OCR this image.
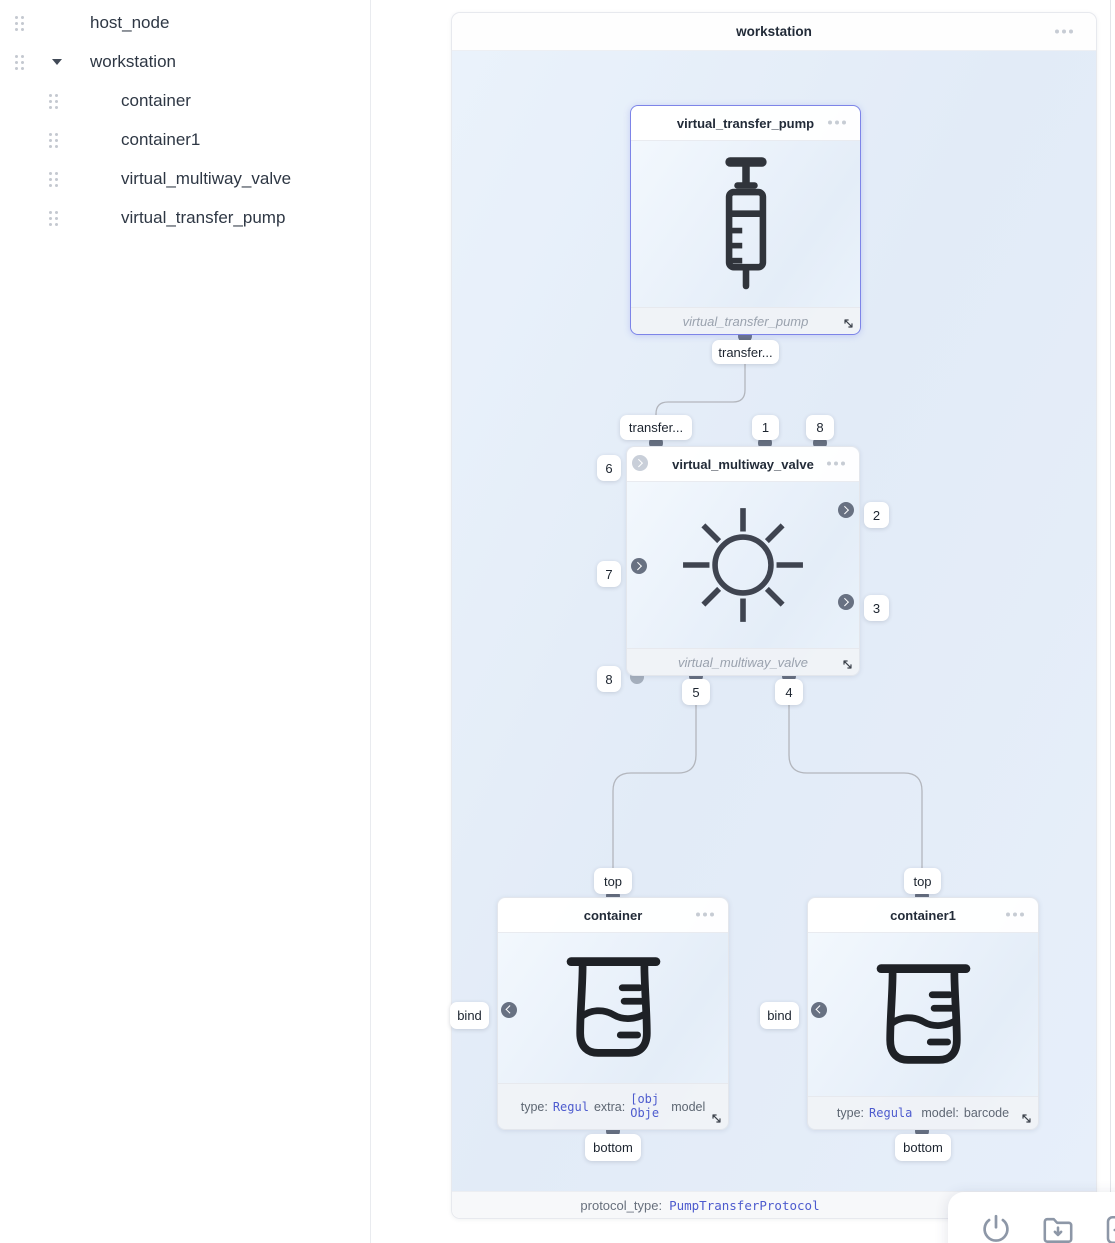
host_node
workstation
container
container1
virtual_multiway_valve
virtual_transfer_pump
workstation
virtual_transfer_pump
virtual_transfer_pump
virtual_multiway_valve
virtual_multiway_valve
container
type: Regul extra:
[obj
Obje model
container1
type: Regula model: barcode
transfer...
transfer...	1	8
6
7
8
2
3
5	4
top
bind
bottom
top
bind
bottom
protocol_type: PumpTransferProtocol
